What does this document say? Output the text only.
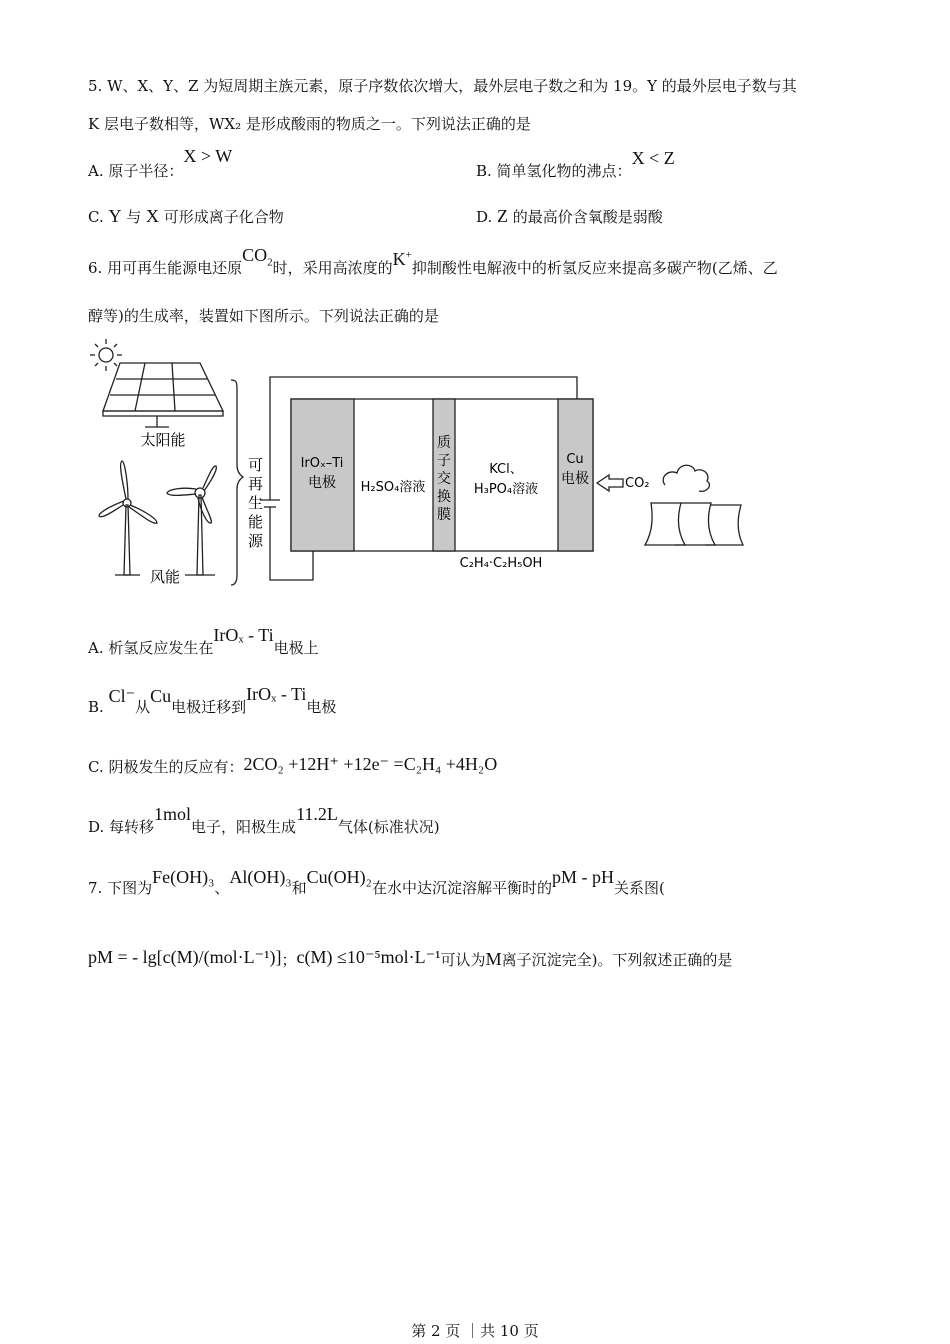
5. W、X、Y、Z 为短周期主族元素，原子序数依次增大，最外层电子数之和为 19。Y 的最外层电子数与其
K 层电子数相等，WX₂ 是形成酸雨的物质之一。下列说法正确的是
A. 原子半径：X > W
B. 简单氢化物的沸点：X < Z
C. Y 与 X 可形成离子化合物	D. Z 的最高价含氧酸是弱酸
6. 用可再生能源电还原$CO_2$时，采用高浓度的K+抑制酸性电解液中的析氢反应来提高多碳产物(乙烯、乙
醇等)的生成率，装置如下图所示。下列说法正确的是
太阳能
风能
可
再
生
能
源
IrOₓ–Ti
电极 H₂SO₄溶液
质
子
交
换
膜
KCl、
H₃PO₄溶液
Cu
电极
C₂H₄·C₂H₅OH
CO₂
A. 析氢反应发生在IrOₓ - Ti电极上
B. Cl⁻从Cu电极迁移到IrOₓ - Ti电极
C. 阴极发生的反应有：2CO₂ +12H⁺ +12e⁻ =C₂H₄ +4H₂O
D. 每转移1mol电子，阳极生成11.2L气体(标准状况)
7. 下图为Fe(OH)₃、Al(OH)₃和Cu(OH)₂在水中达沉淀溶解平衡时的pM - pH关系图(
pM = - lg[c(M)/(mol·L⁻¹)]；c(M) ≤10⁻⁵mol·L⁻¹可认为M离子沉淀完全)。下列叙述正确的是
第 2 页 ｜共 10 页
